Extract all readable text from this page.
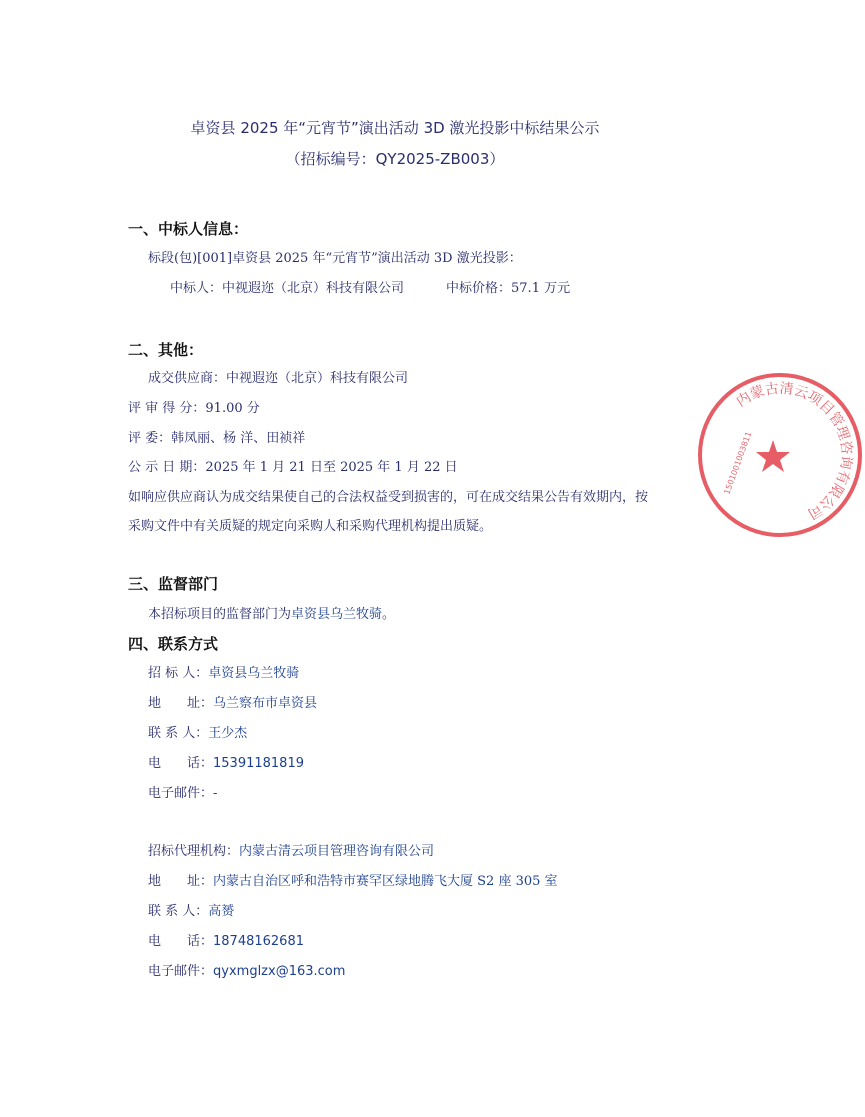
卓资县 2025 年“元宵节”演出活动 3D 激光投影中标结果公示
（招标编号：QY2025-ZB003）
一、中标人信息：
标段(包)[001]卓资县 2025 年“元宵节”演出活动 3D 激光投影：
中标人：中视遐迩（北京）科技有限公司	中标价格：57.1 万元
二、其他：
成交供应商：中视遐迩（北京）科技有限公司
评 审 得 分：91.00 分
评 委：韩凤丽、杨 洋、田祯祥
公 示 日 期：2025 年 1 月 21 日至 2025 年 1 月 22 日
如响应供应商认为成交结果使自己的合法权益受到损害的，可在成交结果公告有效期内，按
采购文件中有关质疑的规定向采购人和采购代理机构提出质疑。
三、监督部门
本招标项目的监督部门为卓资县乌兰牧骑。
四、联系方式
招 标 人：卓资县乌兰牧骑
地　　址：乌兰察布市卓资县
联 系 人：王少杰
电　　话：15391181819
电子邮件：-
招标代理机构：内蒙古清云项目管理咨询有限公司
地　　址：内蒙古自治区呼和浩特市赛罕区绿地腾飞大厦 S2 座 305 室
联 系 人：高赟
电　　话：18748162681
电子邮件：qyxmglzx@163.com
内蒙古清云项目管理咨询有限公司
1501001003811
